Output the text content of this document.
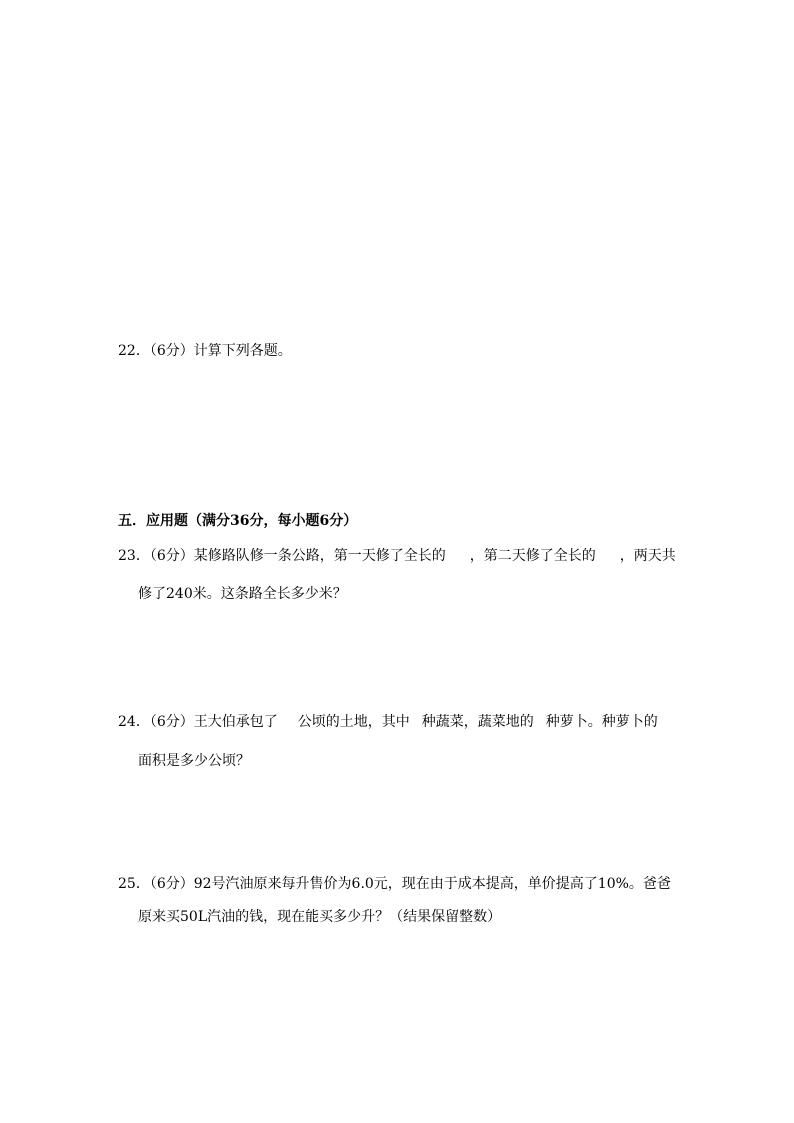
22．（6分）计算下列各题。
五．应用题（满分36分，每小题6分）
23．（6分）某修路队修一条公路，第一天修了全长的 ，第二天修了全长的 ，两天共
修了240米。这条路全长多少米？
24．（6分）王大伯承包了 公顷的土地，其中 种蔬菜，蔬菜地的 种萝卜。种萝卜的
面积是多少公顷？
25．（6分）92号汽油原来每升售价为6.0元，现在由于成本提高，单价提高了10%。爸爸
原来买50L汽油的钱，现在能买多少升？（结果保留整数）
